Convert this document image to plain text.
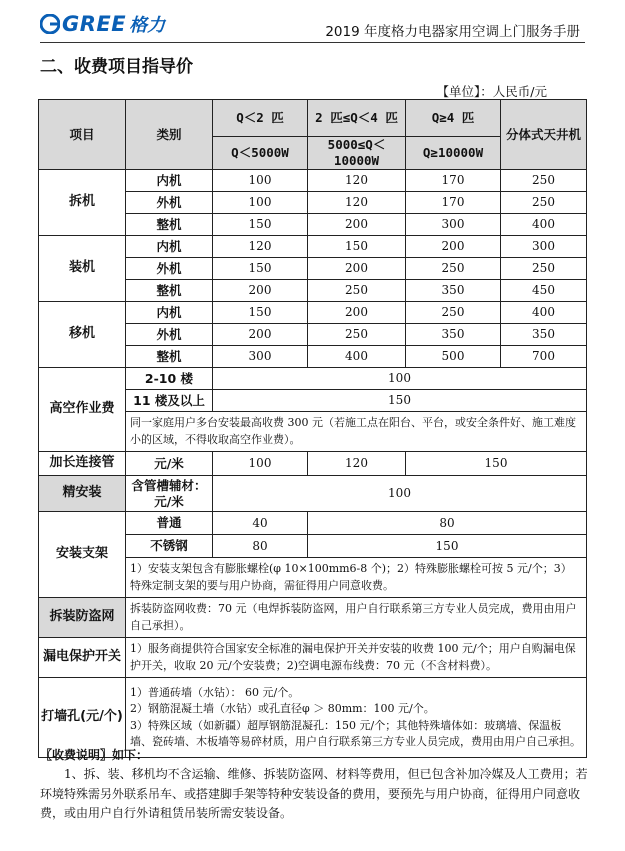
GREE 格力	2019 年度格力电器家用空调上门服务手册
二、收费项目指导价
【单位】：人民币/元
项目	类别	Q＜2 匹	2 匹≤Q＜4 匹	Q≥4 匹	分体式天井机
		Q＜5000W	5000≤Q＜10000W	Q≥10000W	
拆机	内机	100	120	170	250
	外机	100	120	170	250
	整机	150	200	300	400
装机	内机	120	150	200	300
	外机	150	200	250	250
	整机	200	250	350	450
移机	内机	150	200	250	400
	外机	200	250	350	350
	整机	300	400	500	700
高空作业费	2-10 楼	100			
	11 楼及以上	150			
	同一家庭用户多台安装最高收费 300 元（若施工点在阳台、平台，或安全条件好、施工难度小的区域，不得收取高空作业费）。				
加长连接管	元/米	100	120	150	
精安装	含管槽辅材：元/米	100			
安装支架	普通	40	80		
	不锈钢	80	150		
	1）安装支架包含有膨胀螺栓(φ 10×100mm6-8 个)；2）特殊膨胀螺栓可按 5 元/个；3）特殊定制支架的要与用户协商，需征得用户同意收费。				
拆装防盗网	拆装防盗网收费：70 元（电焊拆装防盗网，用户自行联系第三方专业人员完成，费用由用户自己承担）。				
漏电保护开关	1）服务商提供符合国家安全标准的漏电保护开关并安装的收费 100 元/个；用户自购漏电保护开关，收取 20 元/个安装费；2)空调电源布线费：70 元（不含材料费）。				
打墙孔(元/个)	1）普通砖墙（水钻）： 60 元/个。
2）钢筋混凝土墙（水钻）或孔直径φ ＞ 80mm：100 元/个。
3）特殊区域（如新疆）超厚钢筋混凝孔：150 元/个；其他特殊墙体如：玻璃墙、保温板墙、瓷砖墙、木板墙等易碎材质，用户自行联系第三方专业人员完成，费用由用户自己承担。				
〖收费说明〗如下：
1、拆、装、移机均不含运输、维修、拆装防盗网、材料等费用，但已包含补加冷媒及人工费用；若环境特殊需另外联系吊车、或搭建脚手架等特种安装设备的费用，要预先与用户协商，征得用户同意收费，或由用户自行外请租赁吊装所需安装设备。
